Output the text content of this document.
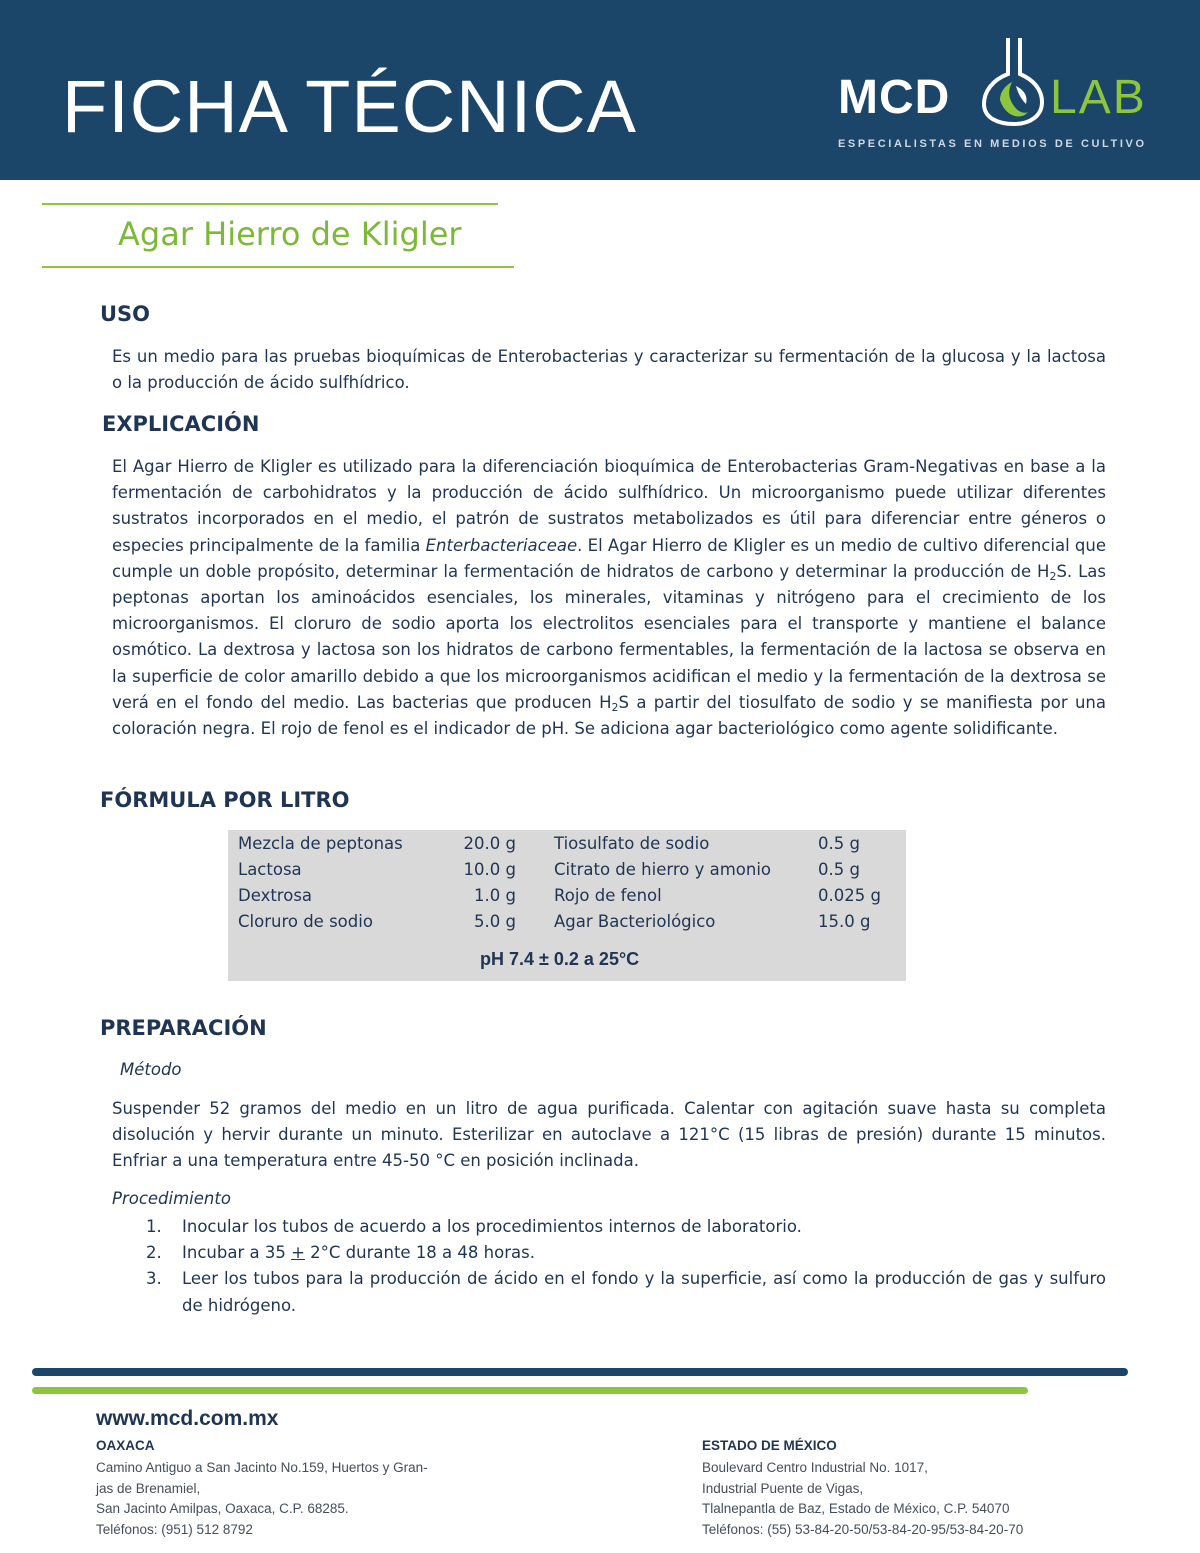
FICHA TÉCNICA	MCD LAB
ESPECIALISTAS EN MEDIOS DE CULTIVO
Agar Hierro de Kligler
USO
Es un medio para las pruebas bioquímicas de Enterobacterias y caracterizar su fermentación de la glucosa y la lactosa o la producción de ácido sulfhídrico.
EXPLICACIÓN
El Agar Hierro de Kligler es utilizado para la diferenciación bioquímica de Enterobacterias Gram-Negativas en base a la fermentación de carbohidratos y la producción de ácido sulfhídrico. Un microorganismo puede utilizar diferentes sustratos incorporados en el medio, el patrón de sustratos metabolizados es útil para diferenciar entre géneros o especies principalmente de la familia Enterbacteriaceae. El Agar Hierro de Kligler es un medio de cultivo diferencial que cumple un doble propósito, determinar la fermentación de hidratos de carbono y determinar la producción de $H_2S$. Las peptonas aportan los aminoácidos esenciales, los minerales, vitaminas y nitrógeno para el crecimiento de los microorganismos. El cloruro de sodio aporta los electrolitos esenciales para el transporte y mantiene el balance osmótico. La dextrosa y lactosa son los hidratos de carbono fermentables, la fermentación de la lactosa se observa en la superficie de color amarillo debido a que los microorganismos acidifican el medio y la fermentación de la dextrosa se verá en el fondo del medio. Las bacterias que producen $H_2S$ a partir del tiosulfato de sodio y se manifiesta por una coloración negra. El rojo de fenol es el indicador de pH. Se adiciona agar bacteriológico como agente solidificante.
FÓRMULA POR LITRO
Mezcla de peptonas	20.0 g Tiosulfato de sodio	0.5 g
Lactosa	10.0 g Citrato de hierro y amonio	0.5 g
Dextrosa	1.0 g Rojo de fenol	0.025 g
Cloruro de sodio	5.0 g Agar Bacteriológico	15.0 g
pH 7.4 ± 0.2 a 25°C
PREPARACIÓN
Método
Suspender 52 gramos del medio en un litro de agua purificada. Calentar con agitación suave hasta su completa disolución y hervir durante un minuto. Esterilizar en autoclave a 121°C (15 libras de presión) durante 15 minutos. Enfriar a una temperatura entre 45-50 °C en posición inclinada.
Procedimiento
1. Inocular los tubos de acuerdo a los procedimientos internos de laboratorio.
2. Incubar a 35 + 2°C durante 18 a 48 horas.
3. Leer los tubos para la producción de ácido en el fondo y la superficie, así como la producción de gas y sulfuro de hidrógeno.
www.mcd.com.mx
OAXACA
Camino Antiguo a San Jacinto No.159, Huertos y Gran-
jas de Brenamiel,
San Jacinto Amilpas, Oaxaca, C.P. 68285.
Teléfonos: (951) 512 8792
ESTADO DE MÉXICO
Boulevard Centro Industrial No. 1017,
Industrial Puente de Vigas,
Tlalnepantla de Baz, Estado de México, C.P. 54070
Teléfonos: (55) 53-84-20-50/53-84-20-95/53-84-20-70
